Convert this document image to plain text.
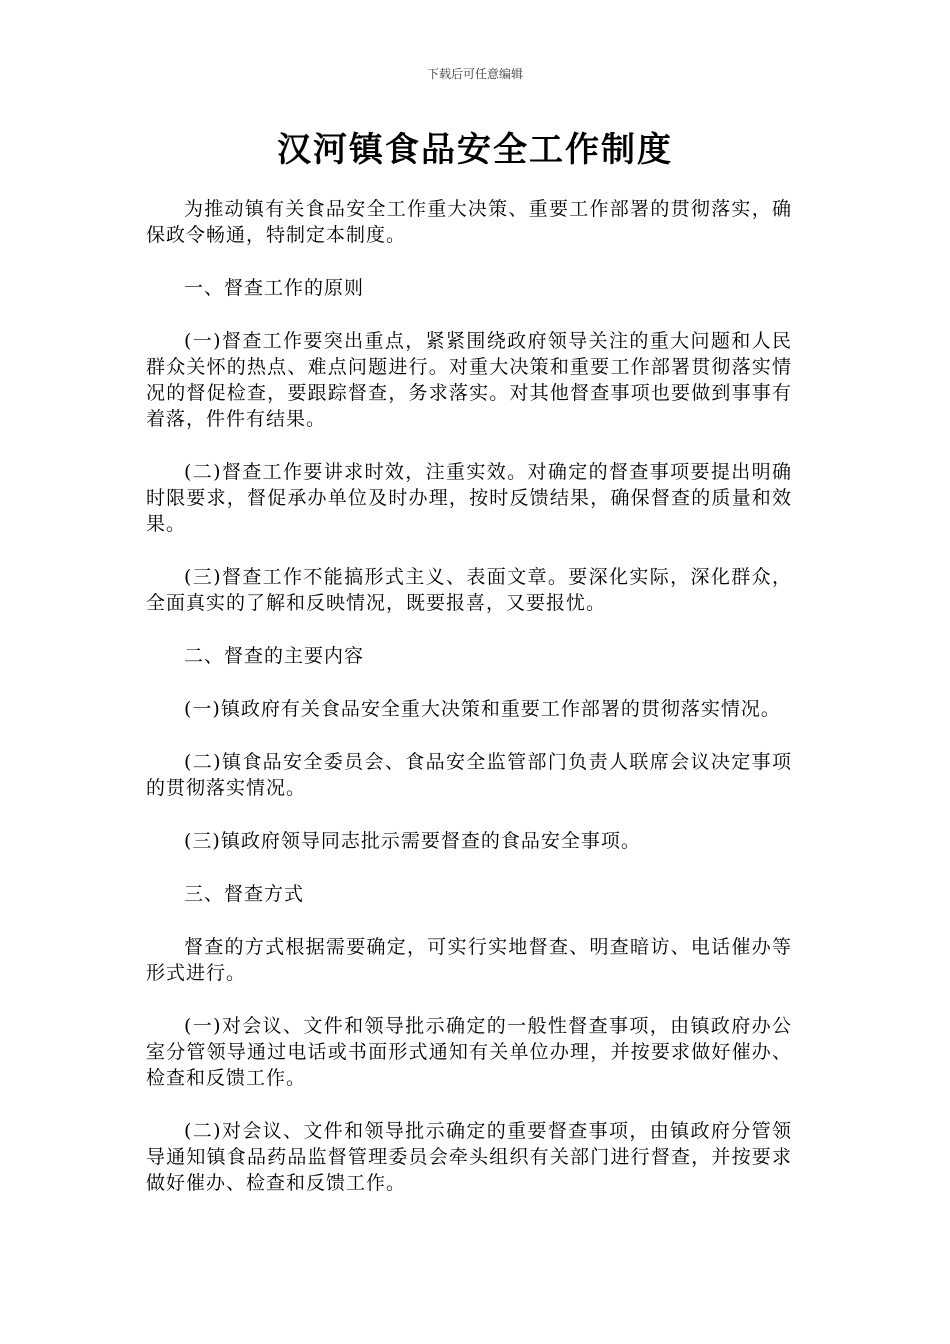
下载后可任意编辑
汉河镇食品安全工作制度

为推动镇有关食品安全工作重大决策、重要工作部署的贯彻落实，确保政令畅通，特制定本制度。

一、督查工作的原则

(一)督查工作要突出重点，紧紧围绕政府领导关注的重大问题和人民群众关怀的热点、难点问题进行。对重大决策和重要工作部署贯彻落实情况的督促检查，要跟踪督查，务求落实。对其他督查事项也要做到事事有着落，件件有结果。

(二)督查工作要讲求时效，注重实效。对确定的督查事项要提出明确时限要求，督促承办单位及时办理，按时反馈结果，确保督查的质量和效果。

(三)督查工作不能搞形式主义、表面文章。要深化实际，深化群众，全面真实的了解和反映情况，既要报喜，又要报忧。

二、督查的主要内容

(一)镇政府有关食品安全重大决策和重要工作部署的贯彻落实情况。

(二)镇食品安全委员会、食品安全监管部门负责人联席会议决定事项的贯彻落实情况。

(三)镇政府领导同志批示需要督查的食品安全事项。

三、督查方式

督查的方式根据需要确定，可实行实地督查、明查暗访、电话催办等形式进行。

(一)对会议、文件和领导批示确定的一般性督查事项，由镇政府办公室分管领导通过电话或书面形式通知有关单位办理，并按要求做好催办、检查和反馈工作。

(二)对会议、文件和领导批示确定的重要督查事项，由镇政府分管领导通知镇食品药品监督管理委员会牵头组织有关部门进行督查，并按要求做好催办、检查和反馈工作。
